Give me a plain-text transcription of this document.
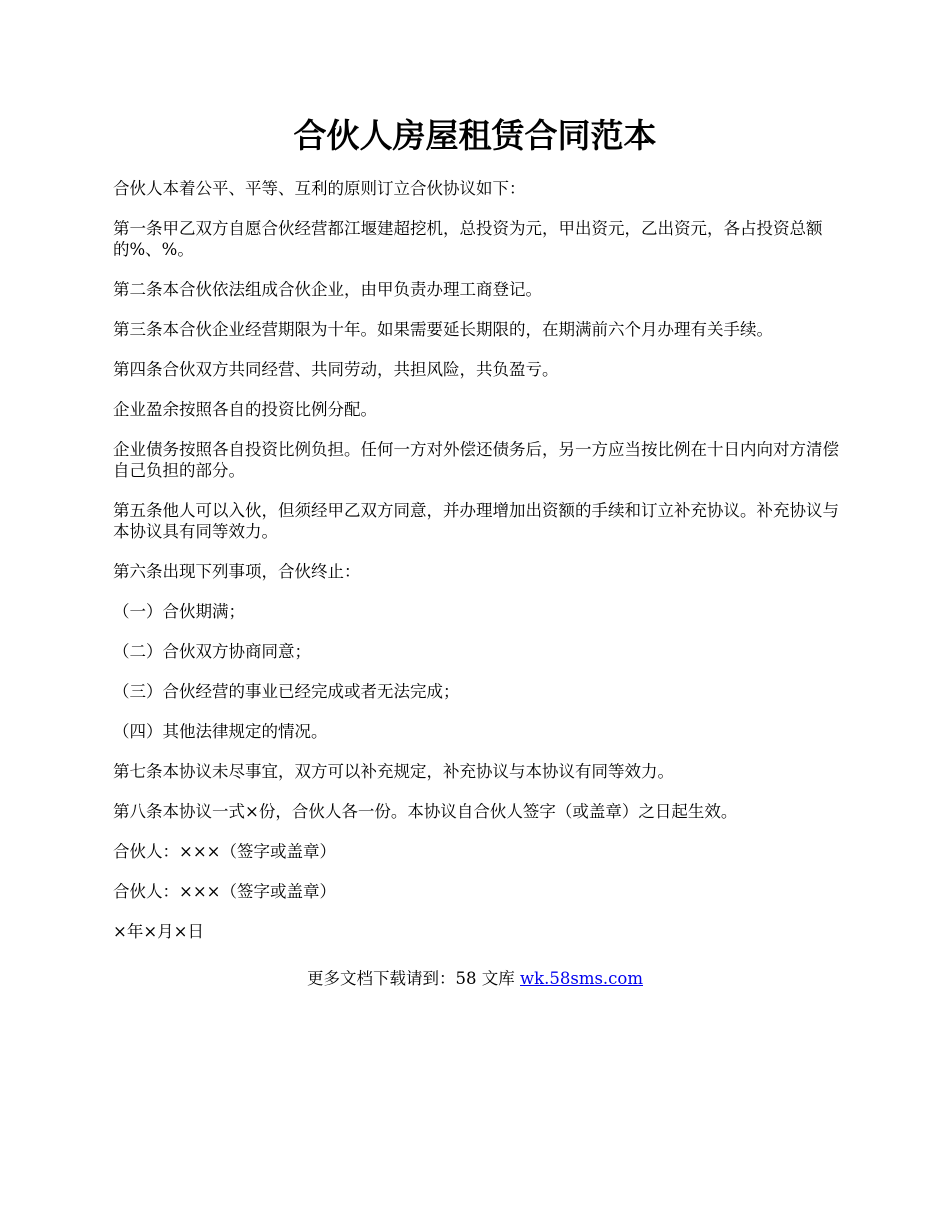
合伙人房屋租赁合同范本

合伙人本着公平、平等、互利的原则订立合伙协议如下：

第一条甲乙双方自愿合伙经营都江堰建超挖机，总投资为元，甲出资元，乙出资元，各占投资总额的%、%。

第二条本合伙依法组成合伙企业，由甲负责办理工商登记。

第三条本合伙企业经营期限为十年。如果需要延长期限的，在期满前六个月办理有关手续。

第四条合伙双方共同经营、共同劳动，共担风险，共负盈亏。

企业盈余按照各自的投资比例分配。

企业债务按照各自投资比例负担。任何一方对外偿还债务后，另一方应当按比例在十日内向对方清偿自己负担的部分。

第五条他人可以入伙，但须经甲乙双方同意，并办理增加出资额的手续和订立补充协议。补充协议与本协议具有同等效力。

第六条出现下列事项，合伙终止：

（一）合伙期满；

（二）合伙双方协商同意；

（三）合伙经营的事业已经完成或者无法完成；

（四）其他法律规定的情况。

第七条本协议未尽事宜，双方可以补充规定，补充协议与本协议有同等效力。

第八条本协议一式×份，合伙人各一份。本协议自合伙人签字（或盖章）之日起生效。

合伙人：×××（签字或盖章）

合伙人：×××（签字或盖章）

×年×月×日

更多文档下载请到：58 文库 wk.58sms.com
